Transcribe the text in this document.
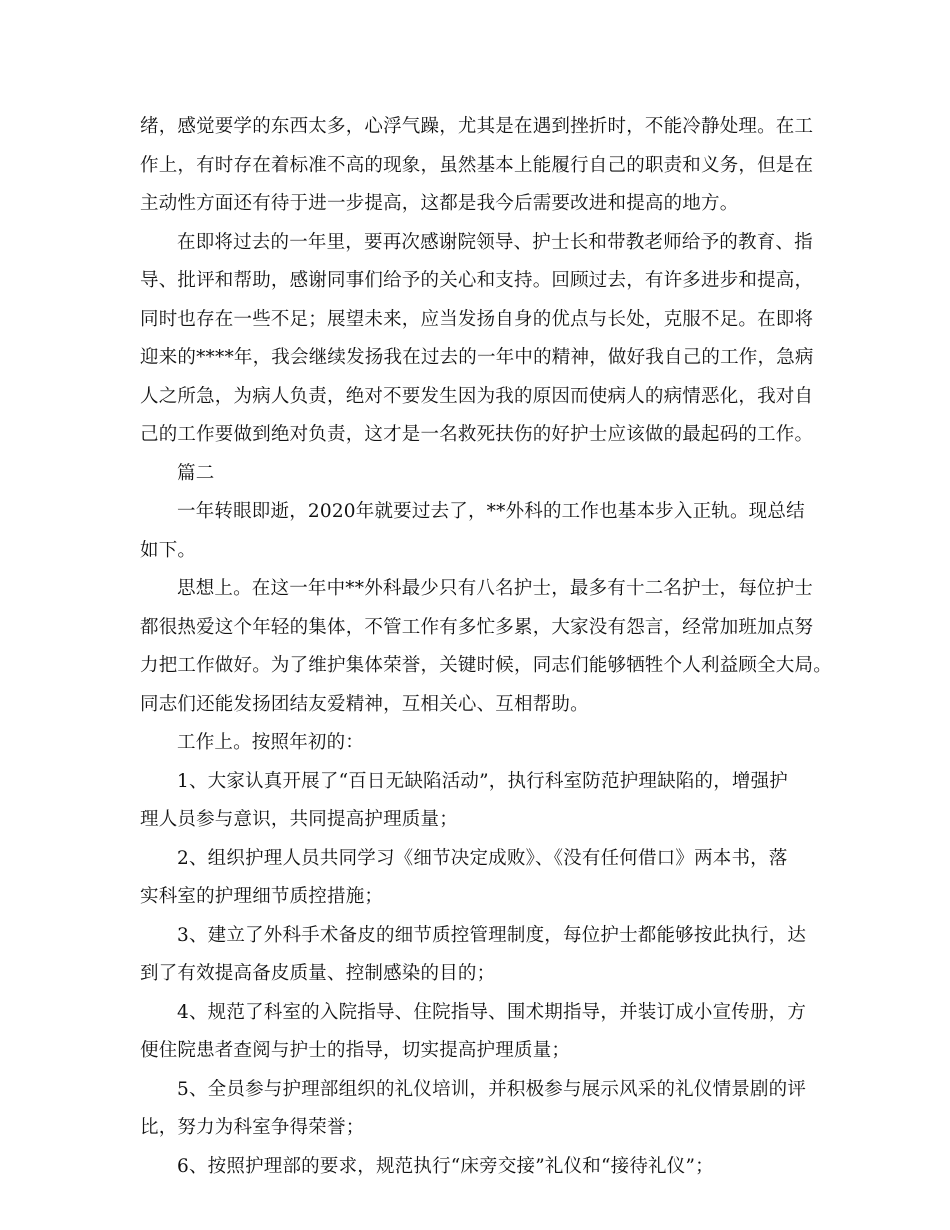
绪，感觉要学的东西太多，心浮气躁，尤其是在遇到挫折时，不能冷静处理。在工
作上，有时存在着标准不高的现象，虽然基本上能履行自己的职责和义务，但是在
主动性方面还有待于进一步提高，这都是我今后需要改进和提高的地方。
在即将过去的一年里，要再次感谢院领导、护士长和带教老师给予的教育、指
导、批评和帮助，感谢同事们给予的关心和支持。回顾过去，有许多进步和提高，
同时也存在一些不足；展望未来，应当发扬自身的优点与长处，克服不足。在即将
迎来的****年，我会继续发扬我在过去的一年中的精神，做好我自己的工作，急病
人之所急，为病人负责，绝对不要发生因为我的原因而使病人的病情恶化，我对自
己的工作要做到绝对负责，这才是一名救死扶伤的好护士应该做的最起码的工作。
篇二
一年转眼即逝，2020年就要过去了，**外科的工作也基本步入正轨。现总结
如下。
思想上。在这一年中**外科最少只有八名护士，最多有十二名护士，每位护士
都很热爱这个年轻的集体，不管工作有多忙多累，大家没有怨言，经常加班加点努
力把工作做好。为了维护集体荣誉，关键时候，同志们能够牺牲个人利益顾全大局。
同志们还能发扬团结友爱精神，互相关心、互相帮助。
工作上。按照年初的：
1、大家认真开展了“百日无缺陷活动”，执行科室防范护理缺陷的，增强护
理人员参与意识，共同提高护理质量；
2、组织护理人员共同学习《细节决定成败》、《没有任何借口》两本书，落
实科室的护理细节质控措施；
3、建立了外科手术备皮的细节质控管理制度，每位护士都能够按此执行，达
到了有效提高备皮质量、控制感染的目的；
4、规范了科室的入院指导、住院指导、围术期指导，并装订成小宣传册，方
便住院患者查阅与护士的指导，切实提高护理质量；
5、全员参与护理部组织的礼仪培训，并积极参与展示风采的礼仪情景剧的评
比，努力为科室争得荣誉；
6、按照护理部的要求，规范执行“床旁交接”礼仪和“接待礼仪”；
